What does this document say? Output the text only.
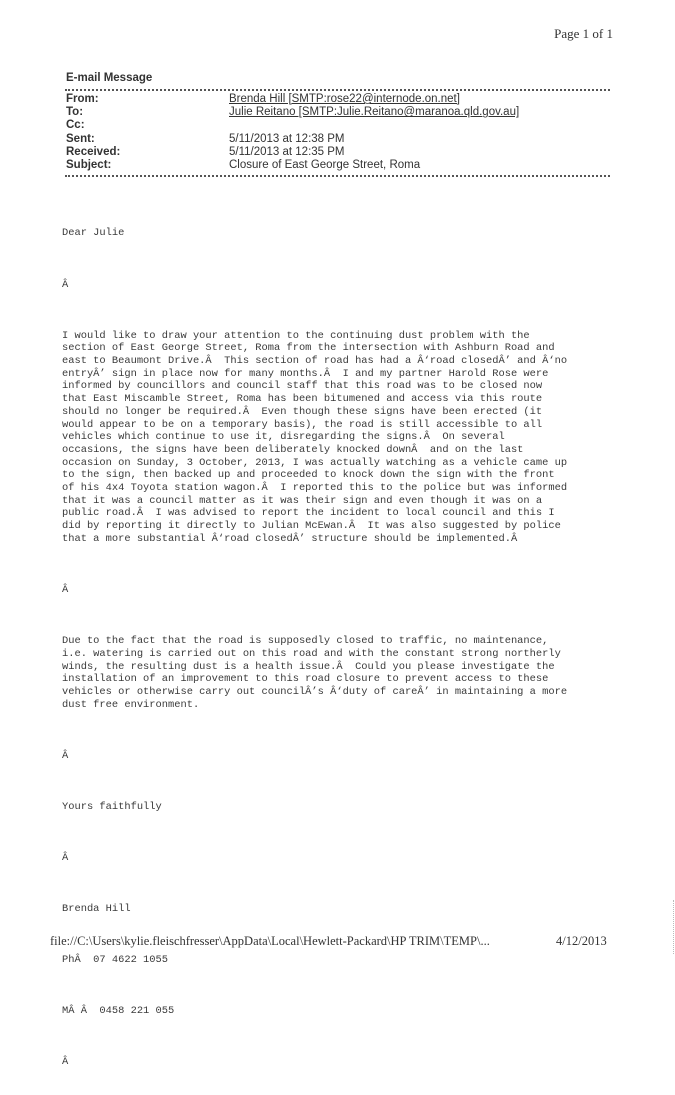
Page 1 of 1
E-mail Message
From:	Brenda Hill [SMTP:rose22@internode.on.net]
To:	Julie Reitano [SMTP:Julie.Reitano@maranoa.qld.gov.au]
Cc:
Sent:	5/11/2013 at 12:38 PM
Received:	5/11/2013 at 12:35 PM
Subject:	Closure of East George Street, Roma

Dear Julie

Â

I would like to draw your attention to the continuing dust problem with the
section of East George Street, Roma from the intersection with Ashburn Road and
east to Beaumont Drive.Â  This section of road has had a Â‘road closedÂ’ and Â‘no
entryÂ’ sign in place now for many months.Â  I and my partner Harold Rose were
informed by councillors and council staff that this road was to be closed now
that East Miscamble Street, Roma has been bitumened and access via this route
should no longer be required.Â  Even though these signs have been erected (it
would appear to be on a temporary basis), the road is still accessible to all
vehicles which continue to use it, disregarding the signs.Â  On several
occasions, the signs have been deliberately knocked downÂ  and on the last
occasion on Sunday, 3 October, 2013, I was actually watching as a vehicle came up
to the sign, then backed up and proceeded to knock down the sign with the front
of his 4x4 Toyota station wagon.Â  I reported this to the police but was informed
that it was a council matter as it was their sign and even though it was on a
public road.Â  I was advised to report the incident to local council and this I
did by reporting it directly to Julian McEwan.Â  It was also suggested by police
that a more substantial Â‘road closedÂ’ structure should be implemented.Â

Â

Due to the fact that the road is supposedly closed to traffic, no maintenance,
i.e. watering is carried out on this road and with the constant strong northerly
winds, the resulting dust is a health issue.Â  Could you please investigate the
installation of an improvement to this road closure to prevent access to these
vehicles or otherwise carry out councilÂ’s Â‘duty of careÂ’ in maintaining a more
dust free environment.

Â

Yours faithfully

Â

Brenda Hill

PhÂ  07 4622 1055

MÂ Â  0458 221 055

Â

file://C:\Users\kylie.fleischfresser\AppData\Local\Hewlett-Packard\HP TRIM\TEMP\...	4/12/2013
